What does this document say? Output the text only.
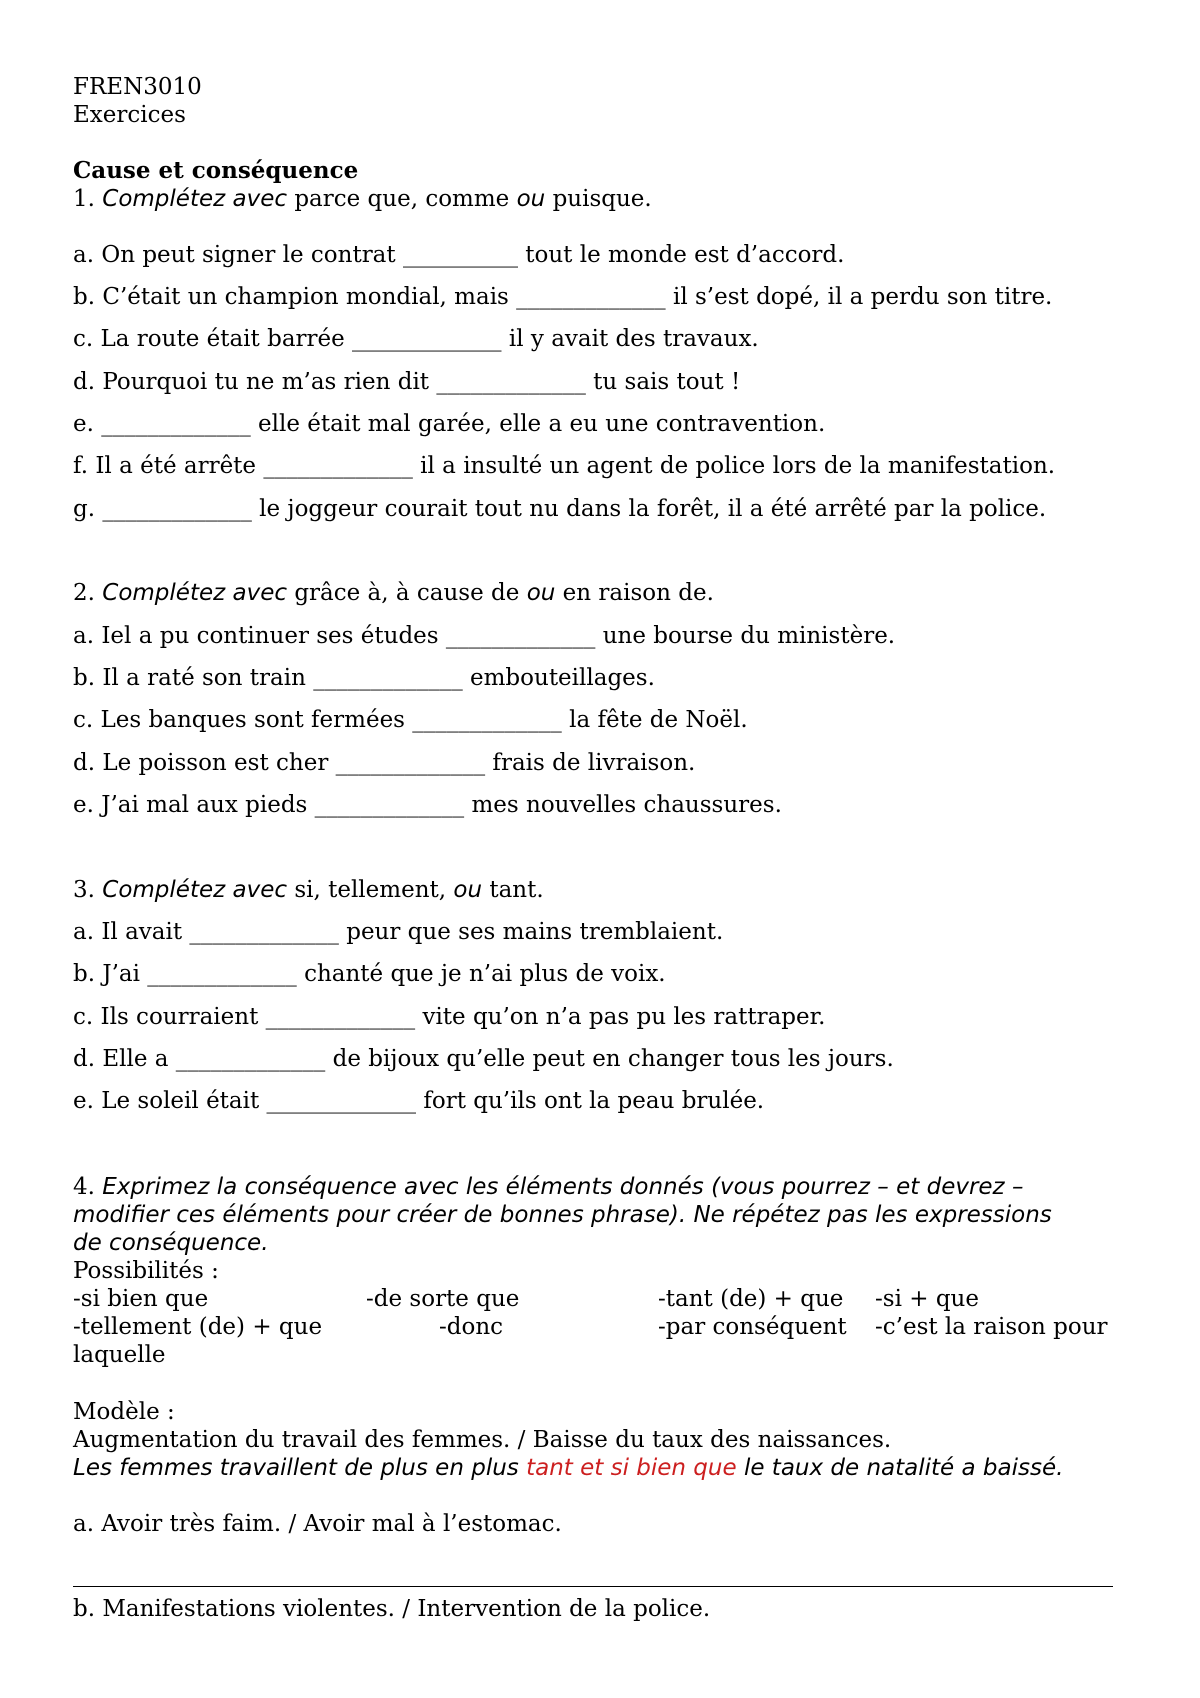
FREN3010
Exercices
Cause et conséquence
1. Complétez avec parce que, comme ou puisque.
a. On peut signer le contrat __________ tout le monde est d’accord.
b. C’était un champion mondial, mais _____________ il s’est dopé, il a perdu son titre.
c. La route était barrée _____________ il y avait des travaux.
d. Pourquoi tu ne m’as rien dit _____________ tu sais tout !
e. _____________ elle était mal garée, elle a eu une contravention.
f. Il a été arrête _____________ il a insulté un agent de police lors de la manifestation.
g. _____________ le joggeur courait tout nu dans la forêt, il a été arrêté par la police.
2. Complétez avec grâce à, à cause de ou en raison de.
a. Iel a pu continuer ses études _____________ une bourse du ministère.
b. Il a raté son train _____________ embouteillages.
c. Les banques sont fermées _____________ la fête de Noël.
d. Le poisson est cher _____________ frais de livraison.
e. J’ai mal aux pieds _____________ mes nouvelles chaussures.
3. Complétez avec si, tellement, ou tant.
a. Il avait _____________ peur que ses mains tremblaient.
b. J’ai _____________ chanté que je n’ai plus de voix.
c. Ils courraient _____________ vite qu’on n’a pas pu les rattraper.
d. Elle a _____________ de bijoux qu’elle peut en changer tous les jours.
e. Le soleil était _____________ fort qu’ils ont la peau brulée.
4. Exprimez la conséquence avec les éléments donnés (vous pourrez – et devrez –
modifier ces éléments pour créer de bonnes phrase). Ne répétez pas les expressions
de conséquence.
Possibilités :
-si bien que	-de sorte que	-tant (de) + que -si + que
-tellement (de) + que	-donc	-par conséquent -c’est la raison pour
laquelle
Modèle :
Augmentation du travail des femmes. / Baisse du taux des naissances.
Les femmes travaillent de plus en plus tant et si bien que le taux de natalité a baissé.
a. Avoir très faim. / Avoir mal à l’estomac.
b. Manifestations violentes. / Intervention de la police.
